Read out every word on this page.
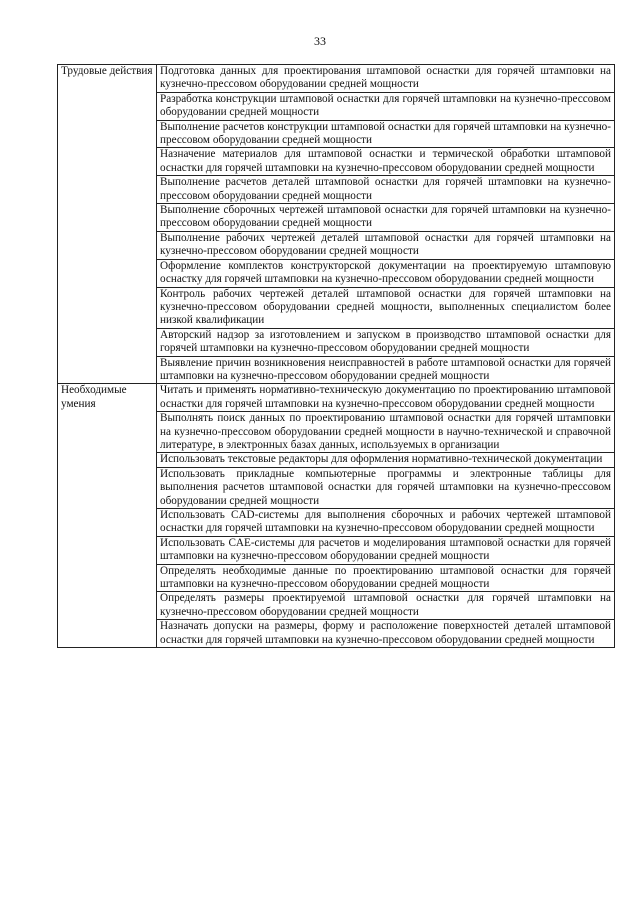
33
Трудовые действия	Подготовка данных для проектирования штамповой оснастки для горячей штамповки на кузнечно-прессовом оборудовании средней мощности
	Разработка конструкции штамповой оснастки для горячей штамповки на кузнечно-прессовом оборудовании средней мощности
	Выполнение расчетов конструкции штамповой оснастки для горячей штамповки на кузнечно-прессовом оборудовании средней мощности
	Назначение материалов для штамповой оснастки и термической обработки штамповой оснастки для горячей штамповки на кузнечно-прессовом оборудовании средней мощности
	Выполнение расчетов деталей штамповой оснастки для горячей штамповки на кузнечно-прессовом оборудовании средней мощности
	Выполнение сборочных чертежей штамповой оснастки для горячей штамповки на кузнечно-прессовом оборудовании средней мощности
	Выполнение рабочих чертежей деталей штамповой оснастки для горячей штамповки на кузнечно-прессовом оборудовании средней мощности
	Оформление комплектов конструкторской документации на проектируемую штамповую оснастку для горячей штамповки на кузнечно-прессовом оборудовании средней мощности
	Контроль рабочих чертежей деталей штамповой оснастки для горячей штамповки на кузнечно-прессовом оборудовании средней мощности, выполненных специалистом более низкой квалификации
	Авторский надзор за изготовлением и запуском в производство штамповой оснастки для горячей штамповки на кузнечно-прессовом оборудовании средней мощности
	Выявление причин возникновения неисправностей в работе штамповой оснастки для горячей штамповки на кузнечно-прессовом оборудовании средней мощности
Необходимые умения	Читать и применять нормативно-техническую документацию по проектированию штамповой оснастки для горячей штамповки на кузнечно-прессовом оборудовании средней мощности
	Выполнять поиск данных по проектированию штамповой оснастки для горячей штамповки на кузнечно-прессовом оборудовании средней мощности в научно-технической и справочной литературе, в электронных базах данных, используемых в организации
	Использовать текстовые редакторы для оформления нормативно-технической документации
	Использовать прикладные компьютерные программы и электронные таблицы для выполнения расчетов штамповой оснастки для горячей штамповки на кузнечно-прессовом оборудовании средней мощности
	Использовать CAD-системы для выполнения сборочных и рабочих чертежей штамповой оснастки для горячей штамповки на кузнечно-прессовом оборудовании средней мощности
	Использовать CAE-системы для расчетов и моделирования штамповой оснастки для горячей штамповки на кузнечно-прессовом оборудовании средней мощности
	Определять необходимые данные по проектированию штамповой оснастки для горячей штамповки на кузнечно-прессовом оборудовании средней мощности
	Определять размеры проектируемой штамповой оснастки для горячей штамповки на кузнечно-прессовом оборудовании средней мощности
	Назначать допуски на размеры, форму и расположение поверхностей деталей штамповой оснастки для горячей штамповки на кузнечно-прессовом оборудовании средней мощности
